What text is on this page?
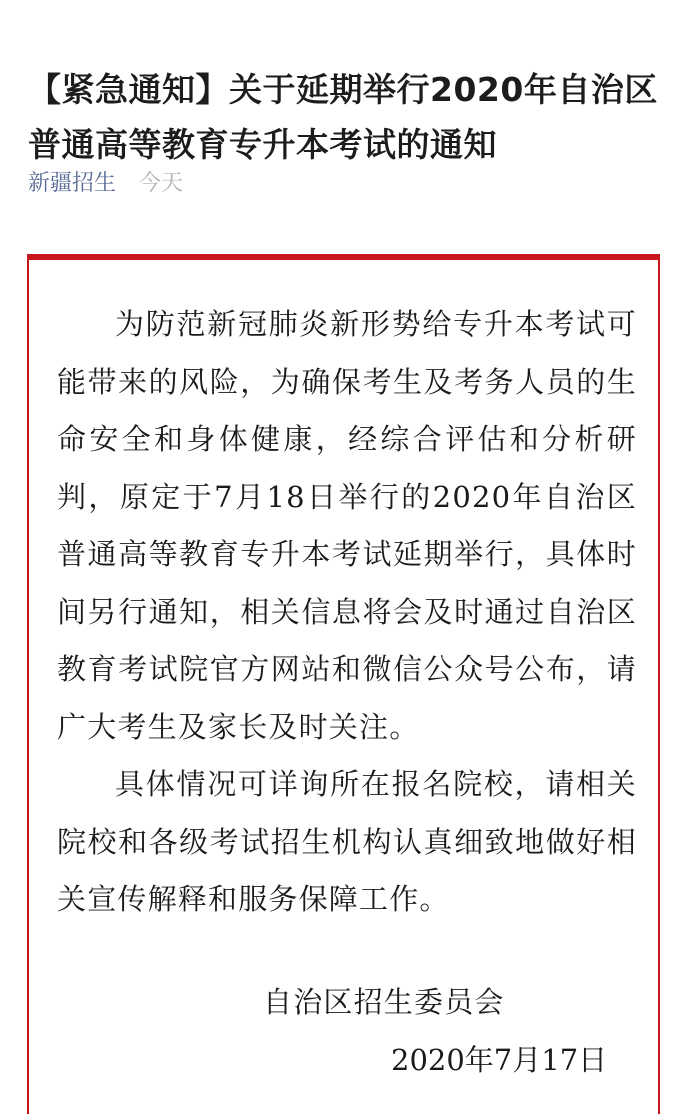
【紧急通知】关于延期举行2020年自治区普通高等教育专升本考试的通知
新疆招生 今天

为防范新冠肺炎新形势给专升本考试可能带来的风险，为确保考生及考务人员的生命安全和身体健康，经综合评估和分析研判，原定于7月18日举行的2020年自治区普通高等教育专升本考试延期举行，具体时间另行通知，相关信息将会及时通过自治区教育考试院官方网站和微信公众号公布，请广大考生及家长及时关注。

具体情况可详询所在报名院校，请相关院校和各级考试招生机构认真细致地做好相关宣传解释和服务保障工作。

自治区招生委员会
2020年7月17日
